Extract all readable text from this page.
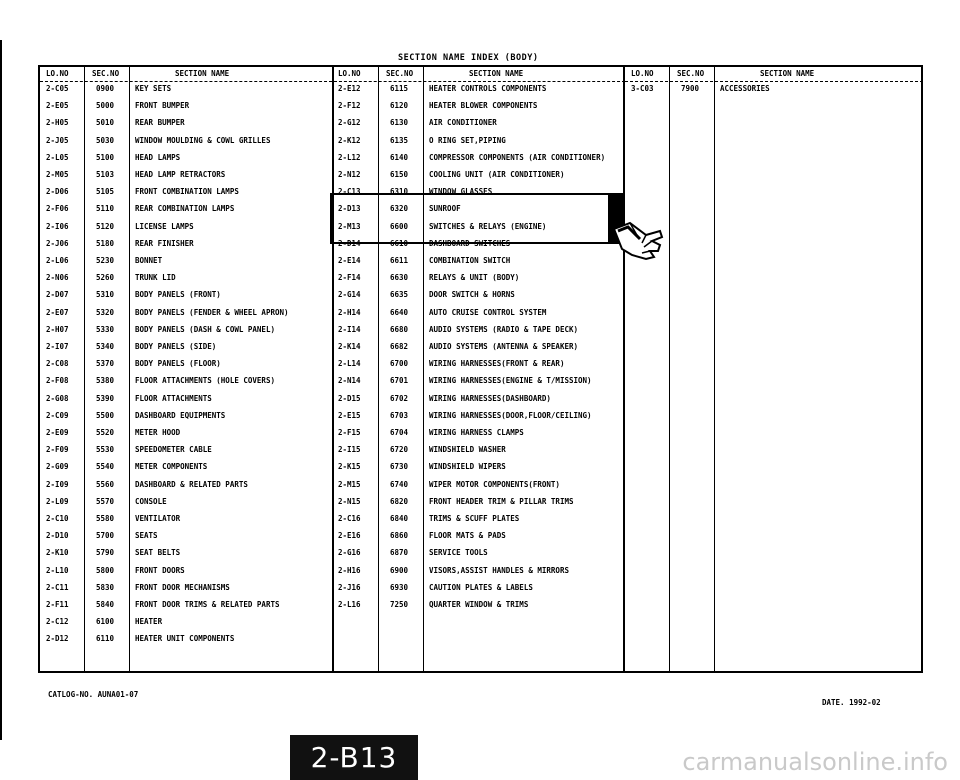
SECTION NAME INDEX (BODY)
LO.NO	SEC.NO	SECTION NAME
2-C05	0900	KEY SETS
2-E05	5000	FRONT BUMPER
2-H05	5010	REAR BUMPER
2-J05	5030	WINDOW MOULDING & COWL GRILLES
2-L05	5100	HEAD LAMPS
2-M05	5103	HEAD LAMP RETRACTORS
2-D06	5105	FRONT COMBINATION LAMPS
2-F06	5110	REAR COMBINATION LAMPS
2-I06	5120	LICENSE LAMPS
2-J06	5180	REAR FINISHER
2-L06	5230	BONNET
2-N06	5260	TRUNK LID
2-D07	5310	BODY PANELS (FRONT)
2-E07	5320	BODY PANELS (FENDER & WHEEL APRON)
2-H07	5330	BODY PANELS (DASH & COWL PANEL)
2-I07	5340	BODY PANELS (SIDE)
2-C08	5370	BODY PANELS (FLOOR)
2-F08	5380	FLOOR ATTACHMENTS (HOLE COVERS)
2-G08	5390	FLOOR ATTACHMENTS
2-C09	5500	DASHBOARD EQUIPMENTS
2-E09	5520	METER HOOD
2-F09	5530	SPEEDOMETER CABLE
2-G09	5540	METER COMPONENTS
2-I09	5560	DASHBOARD & RELATED PARTS
2-L09	5570	CONSOLE
2-C10	5580	VENTILATOR
2-D10	5700	SEATS
2-K10	5790	SEAT BELTS
2-L10	5800	FRONT DOORS
2-C11	5830	FRONT DOOR MECHANISMS
2-F11	5840	FRONT DOOR TRIMS & RELATED PARTS
2-C12	6100	HEATER
2-D12	6110	HEATER UNIT COMPONENTS
LO.NO	SEC.NO	SECTION NAME
2-E12	6115	HEATER CONTROLS COMPONENTS
2-F12	6120	HEATER BLOWER COMPONENTS
2-G12	6130	AIR CONDITIONER
2-K12	6135	O RING SET,PIPING
2-L12	6140	COMPRESSOR COMPONENTS (AIR CONDITIONER)
2-N12	6150	COOLING UNIT (AIR CONDITIONER)
2-C13	6310	WINDOW GLASSES
2-D13	6320	SUNROOF
2-M13	6600	SWITCHES & RELAYS (ENGINE)
2-D14	6610	DASHBOARD SWITCHES
2-E14	6611	COMBINATION SWITCH
2-F14	6630	RELAYS & UNIT (BODY)
2-G14	6635	DOOR SWITCH & HORNS
2-H14	6640	AUTO CRUISE CONTROL SYSTEM
2-I14	6680	AUDIO SYSTEMS (RADIO & TAPE DECK)
2-K14	6682	AUDIO SYSTEMS (ANTENNA & SPEAKER)
2-L14	6700	WIRING HARNESSES(FRONT & REAR)
2-N14	6701	WIRING HARNESSES(ENGINE & T/MISSION)
2-D15	6702	WIRING HARNESSES(DASHBOARD)
2-E15	6703	WIRING HARNESSES(DOOR,FLOOR/CEILING)
2-F15	6704	WIRING HARNESS CLAMPS
2-I15	6720	WINDSHIELD WASHER
2-K15	6730	WINDSHIELD WIPERS
2-M15	6740	WIPER MOTOR COMPONENTS(FRONT)
2-N15	6820	FRONT HEADER TRIM & PILLAR TRIMS
2-C16	6840	TRIMS & SCUFF PLATES
2-E16	6860	FLOOR MATS & PADS
2-G16	6870	SERVICE TOOLS
2-H16	6900	VISORS,ASSIST HANDLES & MIRRORS
2-J16	6930	CAUTION PLATES & LABELS
2-L16	7250	QUARTER WINDOW & TRIMS
LO.NO	SEC.NO	SECTION NAME
3-C03	7900	ACCESSORIES
CATLOG-NO. AUNA01-07
DATE. 1992-02
2-B13	carmanualsonline.info
